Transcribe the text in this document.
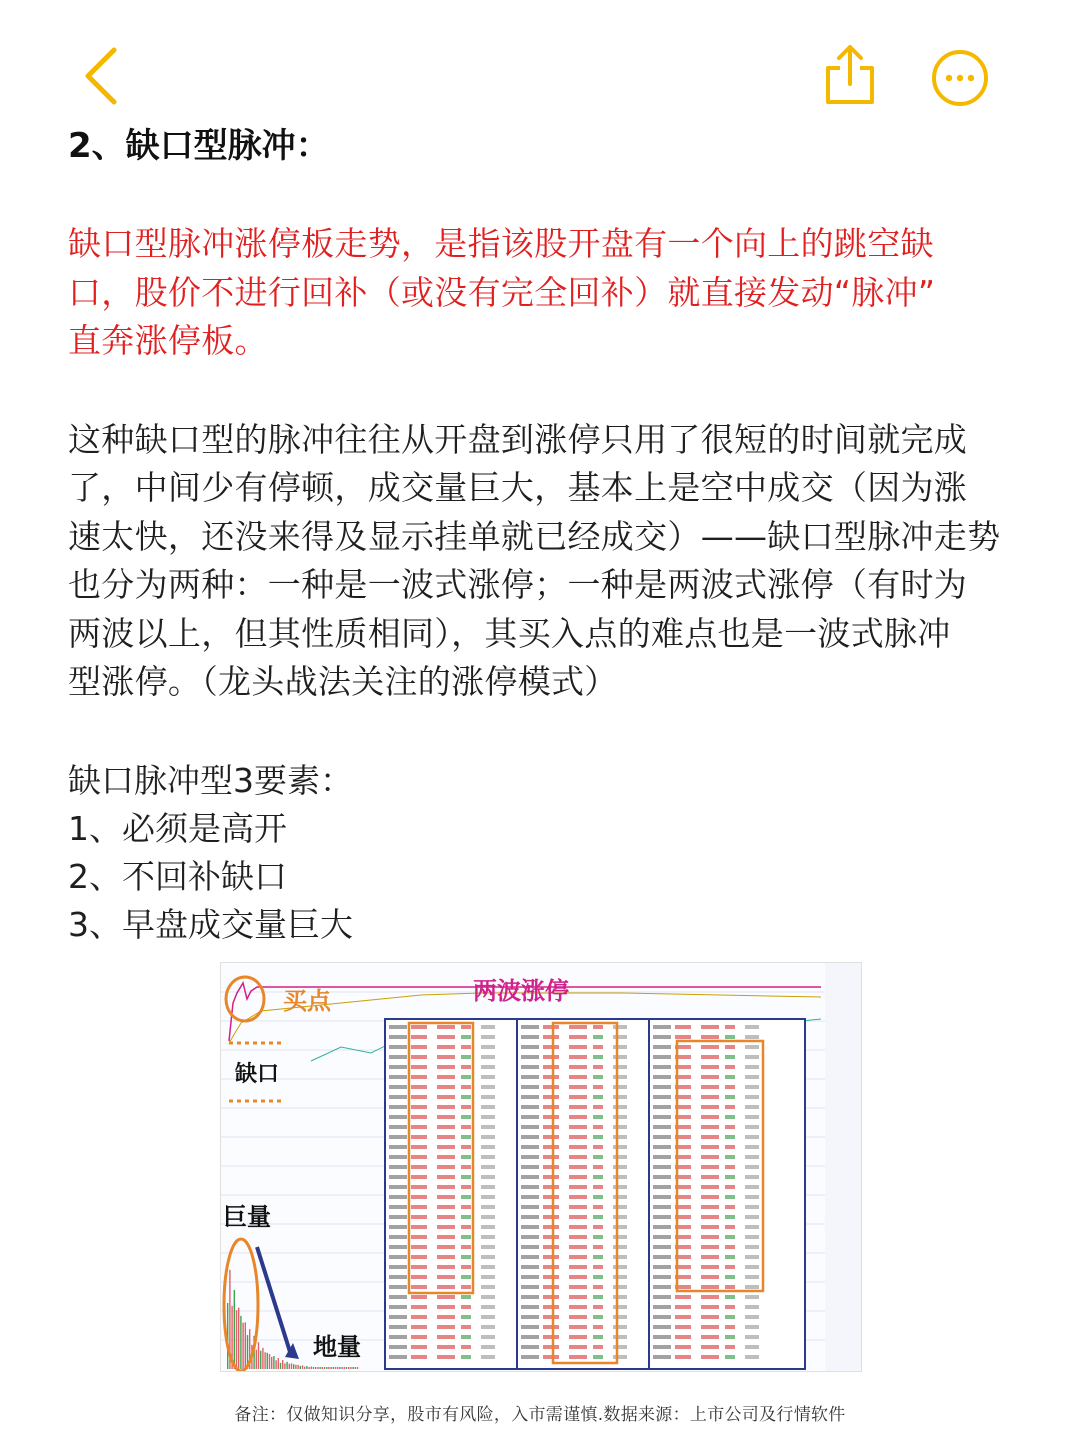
2、缺口型脉冲：

缺口型脉冲涨停板走势，是指该股开盘有一个向上的跳空缺

口，股价不进行回补（或没有完全回补）就直接发动“脉冲”

直奔涨停板。

这种缺口型的脉冲往往从开盘到涨停只用了很短的时间就完成

了，中间少有停顿，成交量巨大，基本上是空中成交（因为涨

速太快，还没来得及显示挂单就已经成交）——缺口型脉冲走势

也分为两种：一种是一波式涨停；一种是两波式涨停（有时为

两波以上，但其性质相同），其买入点的难点也是一波式脉冲

型涨停。（龙头战法关注的涨停模式）

缺口脉冲型3要素：

1、必须是高开

2、不回补缺口

3、早盘成交量巨大

买点	两波涨停
缺口
巨量
地量
备注：仅做知识分享，股市有风险，入市需谨慎.数据来源：上市公司及行情软件
